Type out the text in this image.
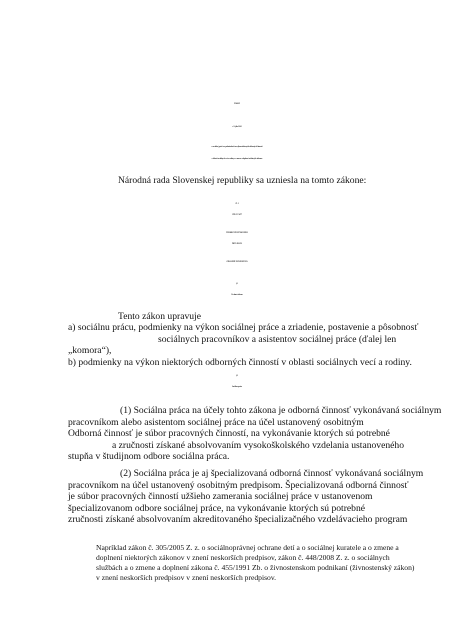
ZÁKON
z 9. júla 2014
o sociálnej práci a o podmienkach na výkon niektorých odborných činností
v oblasti sociálnych vecí a rodiny a o zmene a doplnení niektorých zákonov
Národná rada Slovenskej republiky sa uzniesla na tomto zákone:
Čl. I
PRVÁ ČASŤ
VŠEOBECNÉ USTANOVENIA
PRVÁ HLAVA
ZÁKLADNÉ USTANOVENIA
§ 1
Predmet zákona
Tento zákon upravuje
a) sociálnu prácu, podmienky na výkon sociálnej práce a zriadenie, postavenie a pôsobnosť
sociálnych pracovníkov a asistentov sociálnej práce (ďalej len
„komora“),
b) podmienky na výkon niektorých odborných činností v oblasti sociálnych vecí a rodiny.
§ 2
Sociálna práca
(1) Sociálna práca na účely tohto zákona je odborná činnosť vykonávaná sociálnym
pracovníkom alebo asistentom sociálnej práce na účel ustanovený osobitným
Odborná činnosť je súbor pracovných činností, na vykonávanie ktorých sú potrebné
a zručnosti získané absolvovaním vysokoškolského vzdelania ustanoveného
stupňa v študijnom odbore sociálna práca.
(2) Sociálna práca je aj špecializovaná odborná činnosť vykonávaná sociálnym
pracovníkom na účel ustanovený osobitným predpisom. Špecializovaná odborná činnosť
je súbor pracovných činností užšieho zamerania sociálnej práce v ustanovenom
špecializovanom odbore sociálnej práce, na vykonávanie ktorých sú potrebné
zručnosti získané absolvovaním akreditovaného špecializačného vzdelávacieho program
Napríklad zákon č. 305/2005 Z. z. o sociálnoprávnej ochrane detí a o sociálnej kuratele a o zmene a
doplnení niektorých zákonov v znení neskorších predpisov, zákon č. 448/2008 Z. z. o sociálnych
službách a o zmene a doplnení zákona č. 455/1991 Zb. o živnostenskom podnikaní (živnostenský zákon)
v znení neskorších predpisov v znení neskorších predpisov.
